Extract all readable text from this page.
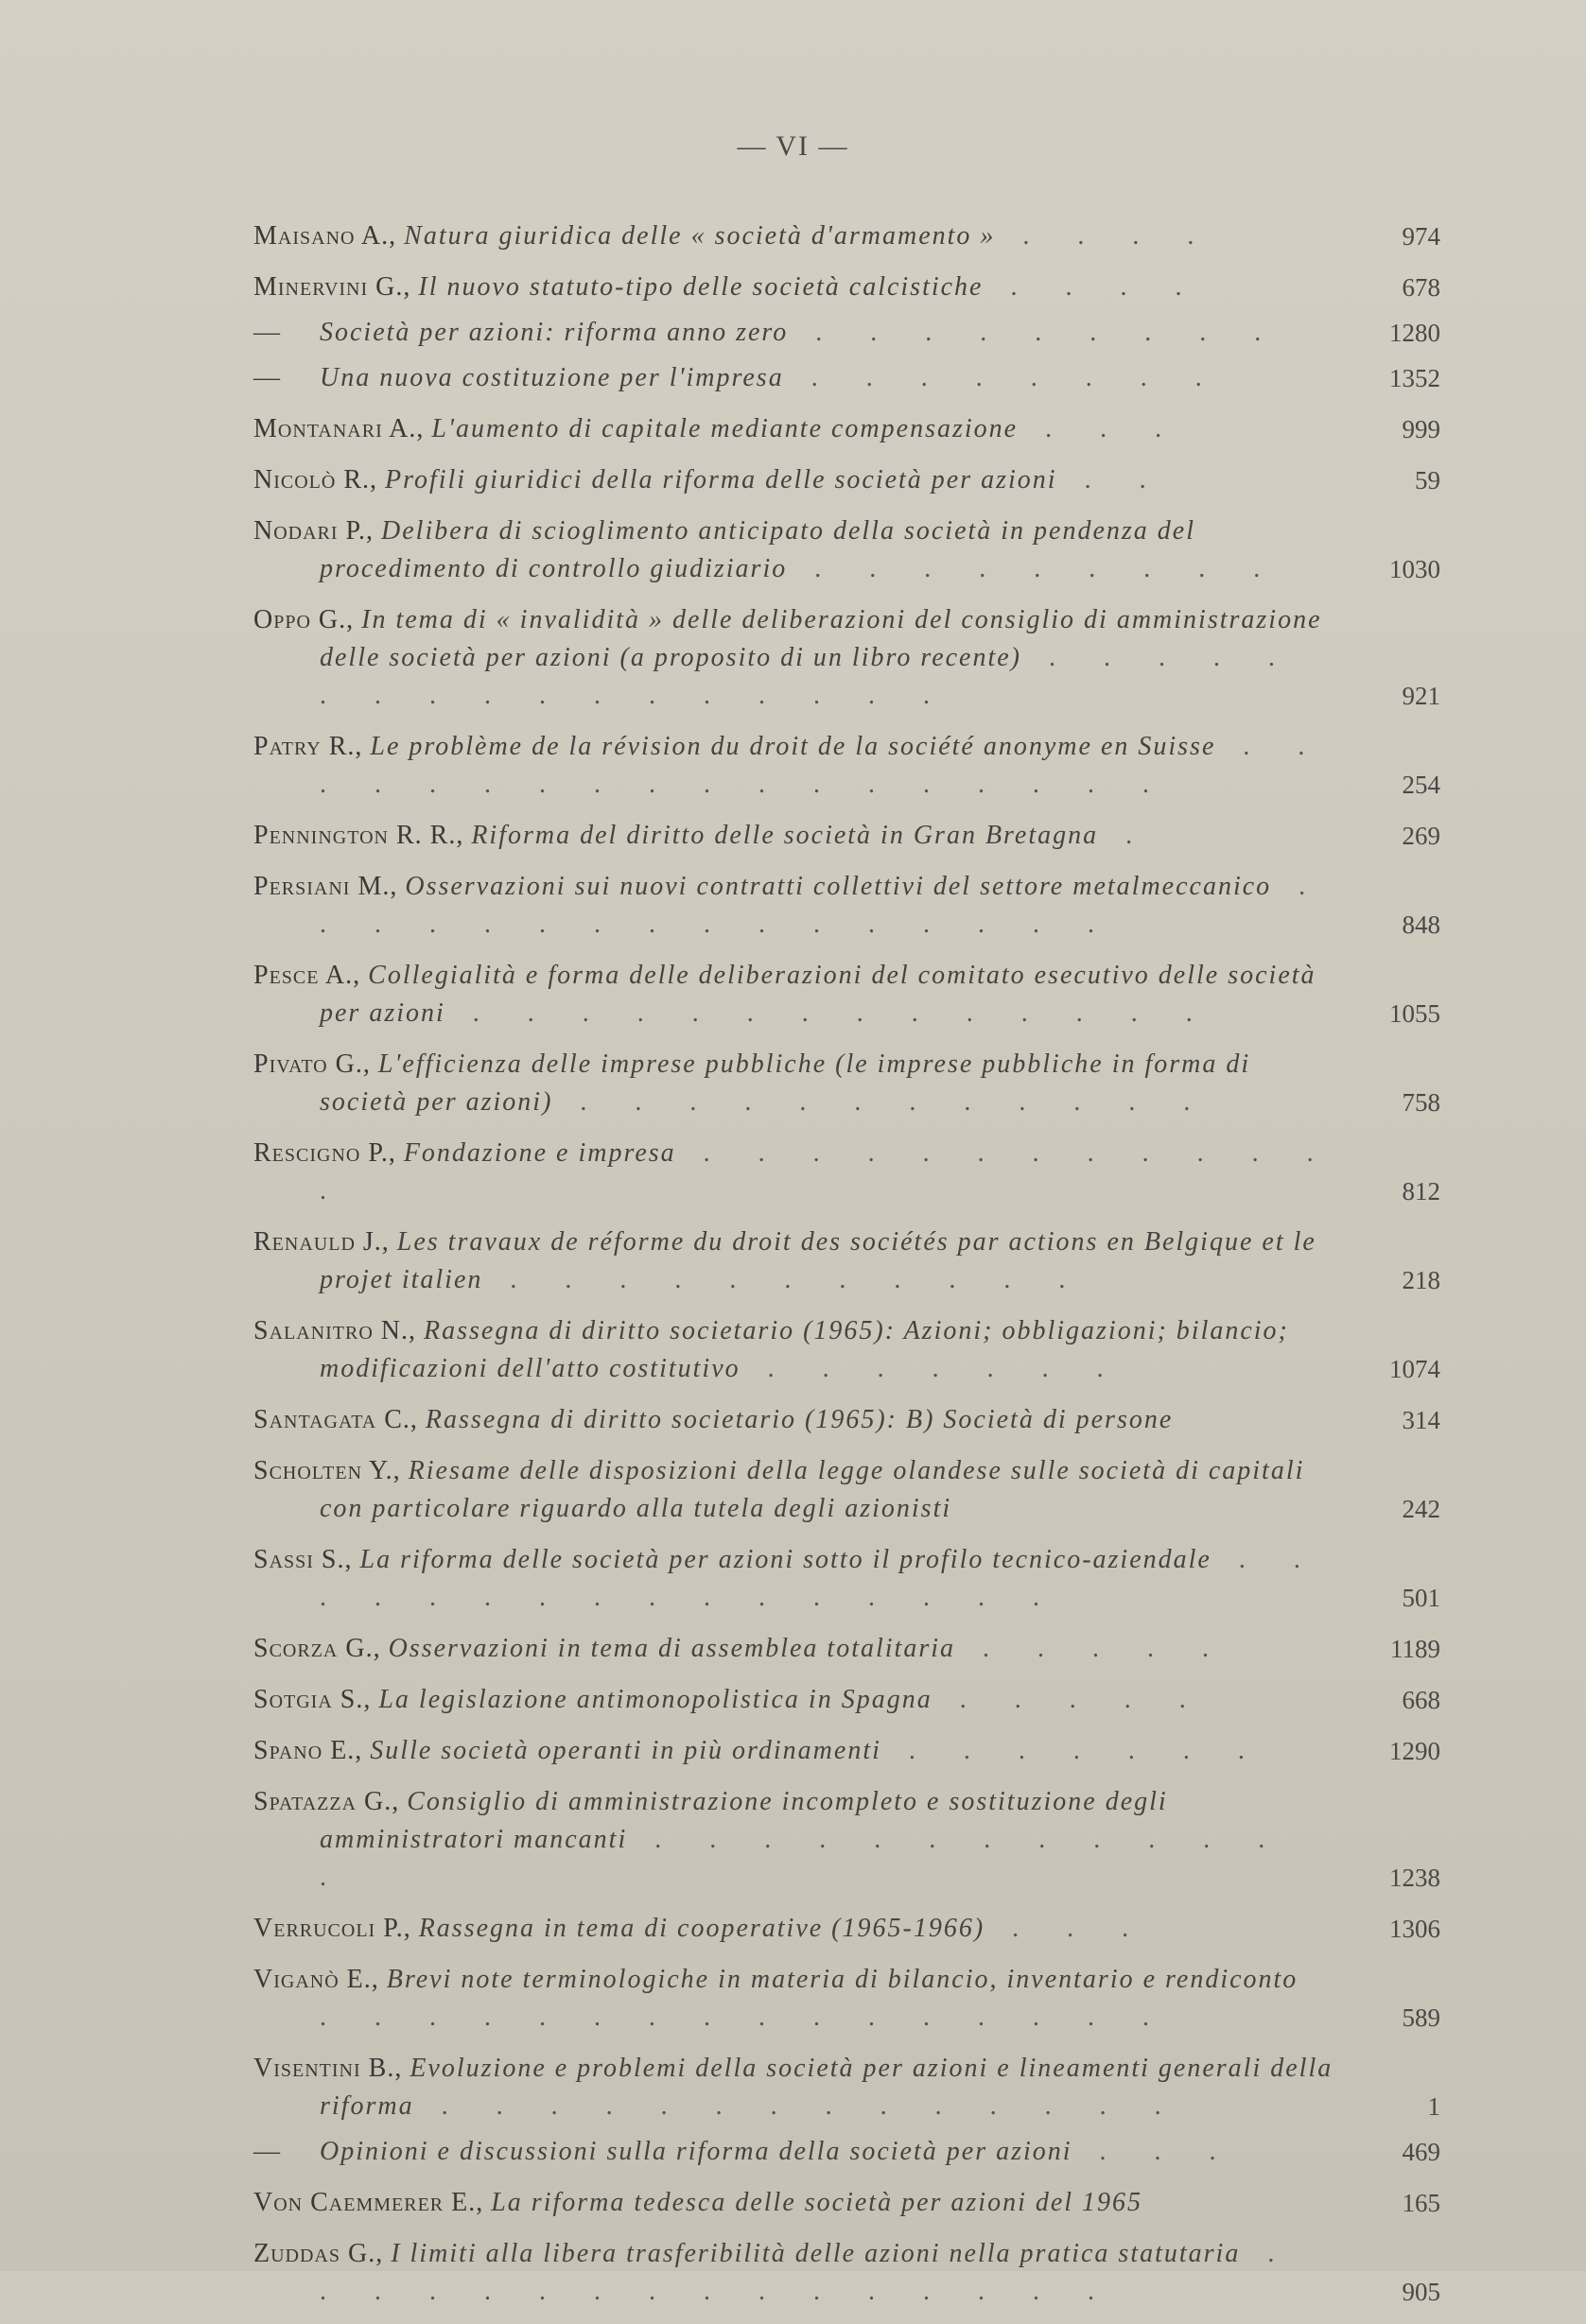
— VI —
Maisano A., Natura giuridica delle « società d'armamento » . . . .	974
Minervini G., Il nuovo statuto-tipo delle società calcistiche . . . .	678
— Società per azioni: riforma anno zero . . . . . . . . .	1280
— Una nuova costituzione per l'impresa . . . . . . . .	1352
Montanari A., L'aumento di capitale mediante compensazione . . .	999
Nicolò R., Profili giuridici della riforma delle società per azioni . .	59
Nodari P., Delibera di scioglimento anticipato della società in pendenza del procedimento di controllo giudiziario . . . . . . . . .	1030
Oppo G., In tema di « invalidità » delle deliberazioni del consiglio di amministrazione delle società per azioni (a proposito di un libro recente) . . . . . . . . . . . . . . . . .	921
Patry R., Le problème de la révision du droit de la société anonyme en Suisse . . . . . . . . . . . . . . . . . .	254
Pennington R. R., Riforma del diritto delle società in Gran Bretagna .	269
Persiani M., Osservazioni sui nuovi contratti collettivi del settore metalmeccanico . . . . . . . . . . . . . . . .	848
Pesce A., Collegialità e forma delle deliberazioni del comitato esecutivo delle società per azioni . . . . . . . . . . . . . .	1055
Pivato G., L'efficienza delle imprese pubbliche (le imprese pubbliche in forma di società per azioni) . . . . . . . . . . . .	758
Rescigno P., Fondazione e impresa . . . . . . . . . . . . .	812
Renauld J., Les travaux de réforme du droit des sociétés par actions en Belgique et le projet italien . . . . . . . . . . .	218
Salanitro N., Rassegna di diritto societario (1965): Azioni; obbligazioni; bilancio; modificazioni dell'atto costitutivo . . . . . . .	1074
Santagata C., Rassegna di diritto societario (1965): B) Società di persone	314
Scholten Y., Riesame delle disposizioni della legge olandese sulle società di capitali con particolare riguardo alla tutela degli azionisti	242
Sassi S., La riforma delle società per azioni sotto il profilo tecnico-aziendale . . . . . . . . . . . . . . . .	501
Scorza G., Osservazioni in tema di assemblea totalitaria . . . . .	1189
Sotgia S., La legislazione antimonopolistica in Spagna . . . . .	668
Spano E., Sulle società operanti in più ordinamenti . . . . . . .	1290
Spatazza G., Consiglio di amministrazione incompleto e sostituzione degli amministratori mancanti . . . . . . . . . . . . .	1238
Verrucoli P., Rassegna in tema di cooperative (1965-1966) . . .	1306
Viganò E., Brevi note terminologiche in materia di bilancio, inventario e rendiconto . . . . . . . . . . . . . . . .	589
Visentini B., Evoluzione e problemi della società per azioni e lineamenti generali della riforma . . . . . . . . . . . . . .	1
— Opinioni e discussioni sulla riforma della società per azioni . . .	469
Von Caemmerer E., La riforma tedesca delle società per azioni del 1965	165
Zuddas G., I limiti alla libera trasferibilità delle azioni nella pratica statutaria . . . . . . . . . . . . . . . .	905
